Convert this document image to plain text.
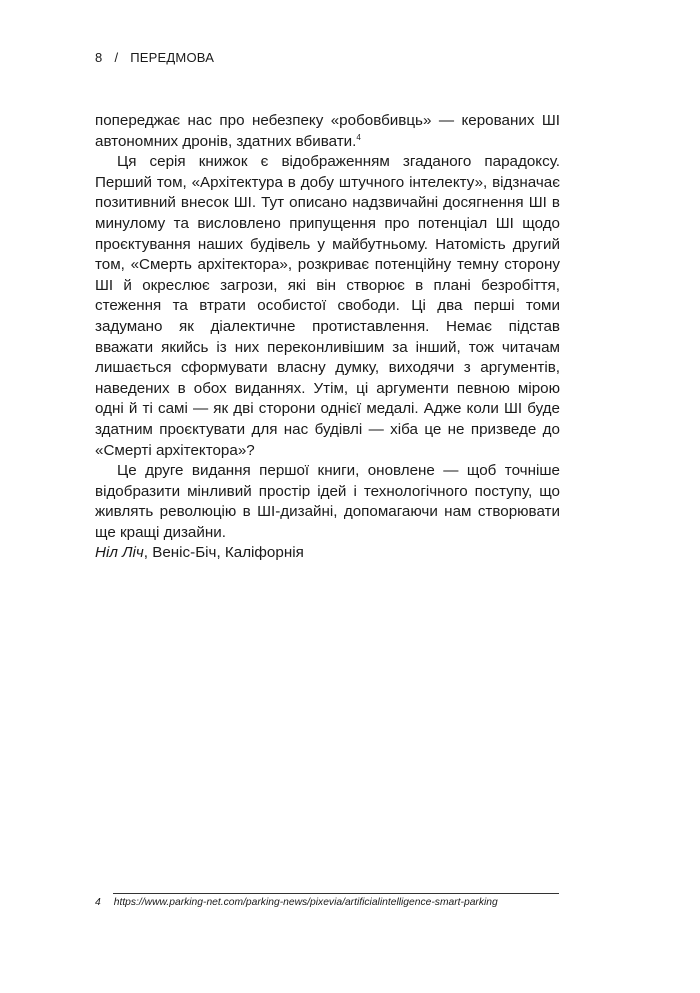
8 / ПЕРЕДМОВА

попереджає нас про небезпеку «робовбивць» — керованих ШІ автономних дронів, здатних вбивати.$^4$

Ця серія книжок є відображенням згаданого парадоксу. Перший том, «Архітектура в добу штучного інтелекту», відзначає позитивний внесок ШІ. Тут описано надзвичайні досягнення ШІ в минулому та висловлено припущення про потенціал ШІ щодо проєктування наших будівель у майбутньому. Натомість другий том, «Смерть архітектора», розкриває потенційну темну сторону ШІ й окреслює загрози, які він створює в плані безробіття, стеження та втрати особистої свободи. Ці два перші томи задумано як діалектичне протиставлення. Немає підстав вважати якийсь із них переконливішим за інший, тож читачам лишається сформувати власну думку, виходячи з аргументів, наведених в обох виданнях. Утім, ці аргументи певною мірою одні й ті самі — як дві сторони однієї медалі. Адже коли ШІ буде здатним проєктувати для нас будівлі — хіба це не призведе до «Смерті архітектора»?

Це друге видання першої книги, оновлене — щоб точніше відобразити мінливий простір ідей і технологічного поступу, що живлять революцію в ШІ-дизайні, допомагаючи нам створювати ще кращі дизайни.

Ніл Ліч, Веніс-Біч, Каліфорнія

4 https://www.parking-net.com/parking-news/pixevia/artificialintelligence-smart-parking
